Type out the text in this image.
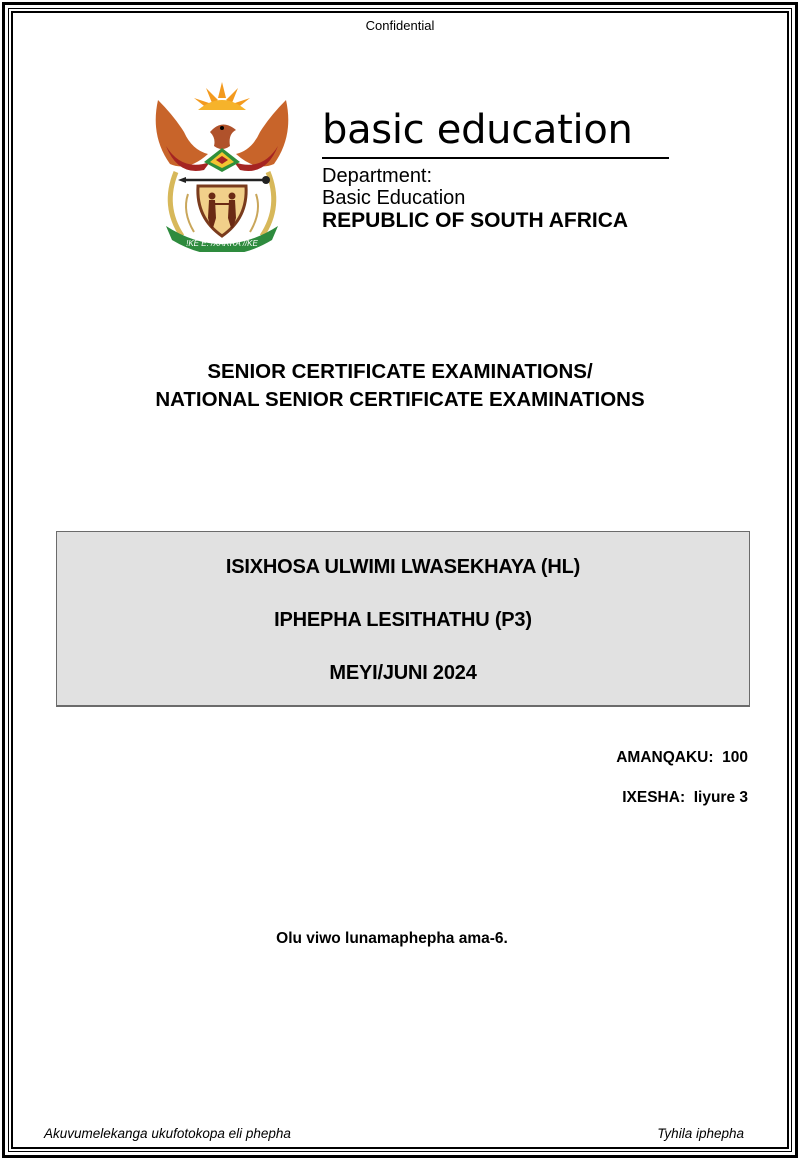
Confidential
!KE E: /XARRA //KE
basic education
Department:
Basic Education
REPUBLIC OF SOUTH AFRICA
SENIOR CERTIFICATE EXAMINATIONS/
NATIONAL SENIOR CERTIFICATE EXAMINATIONS
ISIXHOSA ULWIMI LWASEKHAYA (HL)
IPHEPHA LESITHATHU (P3)
MEYI/JUNI 2024
AMANQAKU:  100
IXESHA:  Iiyure 3
Olu viwo lunamaphepha ama-6.
Akuvumelekanga ukufotokopa eli phepha	Tyhila iphepha
